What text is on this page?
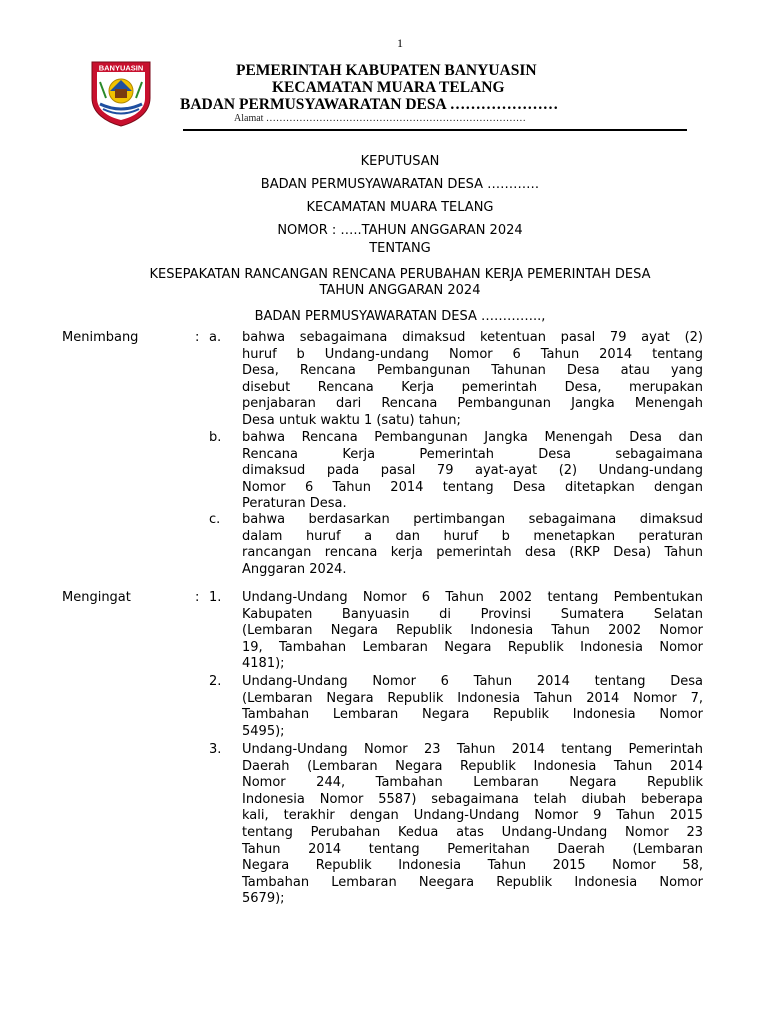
1
BANYUASIN	PEMERINTAH KABUPATEN BANYUASIN
KECAMATAN MUARA TELANG
BADAN PERMUSYAWARATAN DESA …………………
Alamat ……………………………………………………………………
KEPUTUSAN
BADAN PERMUSYAWARATAN DESA …………
KECAMATAN MUARA TELANG
NOMOR : …..TAHUN ANGGARAN 2024
TENTANG
KESEPAKATAN RANCANGAN RENCANA PERUBAHAN KERJA PEMERINTAH DESA
TAHUN ANGGARAN 2024
BADAN PERMUSYAWARATAN DESA …………..,
Menimbang	: a.	bahwa sebagaimana dimaksud ketentuan pasal 79 ayat (2)
huruf b Undang-undang Nomor 6 Tahun 2014 tentang
Desa, Rencana Pembangunan Tahunan Desa atau yang
disebut Rencana Kerja pemerintah Desa, merupakan
penjabaran dari Rencana Pembangunan Jangka Menengah
Desa untuk waktu 1 (satu) tahun;
b.	bahwa Rencana Pembangunan Jangka Menengah Desa dan
Rencana Kerja Pemerintah Desa sebagaimana
dimaksud pada pasal 79 ayat-ayat (2) Undang-undang
Nomor 6 Tahun 2014 tentang Desa ditetapkan dengan
Peraturan Desa.
c.	bahwa berdasarkan pertimbangan sebagaimana dimaksud
dalam huruf a dan huruf b menetapkan peraturan
rancangan rencana kerja pemerintah desa (RKP Desa) Tahun
Anggaran 2024.
Mengingat	: 1.	Undang-Undang Nomor 6 Tahun 2002 tentang Pembentukan
Kabupaten Banyuasin di Provinsi Sumatera Selatan
(Lembaran Negara Republik Indonesia Tahun 2002 Nomor
19, Tambahan Lembaran Negara Republik Indonesia Nomor
4181);
2.	Undang-Undang Nomor 6 Tahun 2014 tentang Desa
(Lembaran Negara Republik Indonesia Tahun 2014 Nomor 7,
Tambahan Lembaran Negara Republik Indonesia Nomor
5495);
3.	Undang-Undang Nomor 23 Tahun 2014 tentang Pemerintah
Daerah (Lembaran Negara Republik Indonesia Tahun 2014
Nomor 244, Tambahan Lembaran Negara Republik
Indonesia Nomor 5587) sebagaimana telah diubah beberapa
kali, terakhir dengan Undang-Undang Nomor 9 Tahun 2015
tentang Perubahan Kedua atas Undang-Undang Nomor 23
Tahun 2014 tentang Pemeritahan Daerah (Lembaran
Negara Republik Indonesia Tahun 2015 Nomor 58,
Tambahan Lembaran Neegara Republik Indonesia Nomor
5679);
